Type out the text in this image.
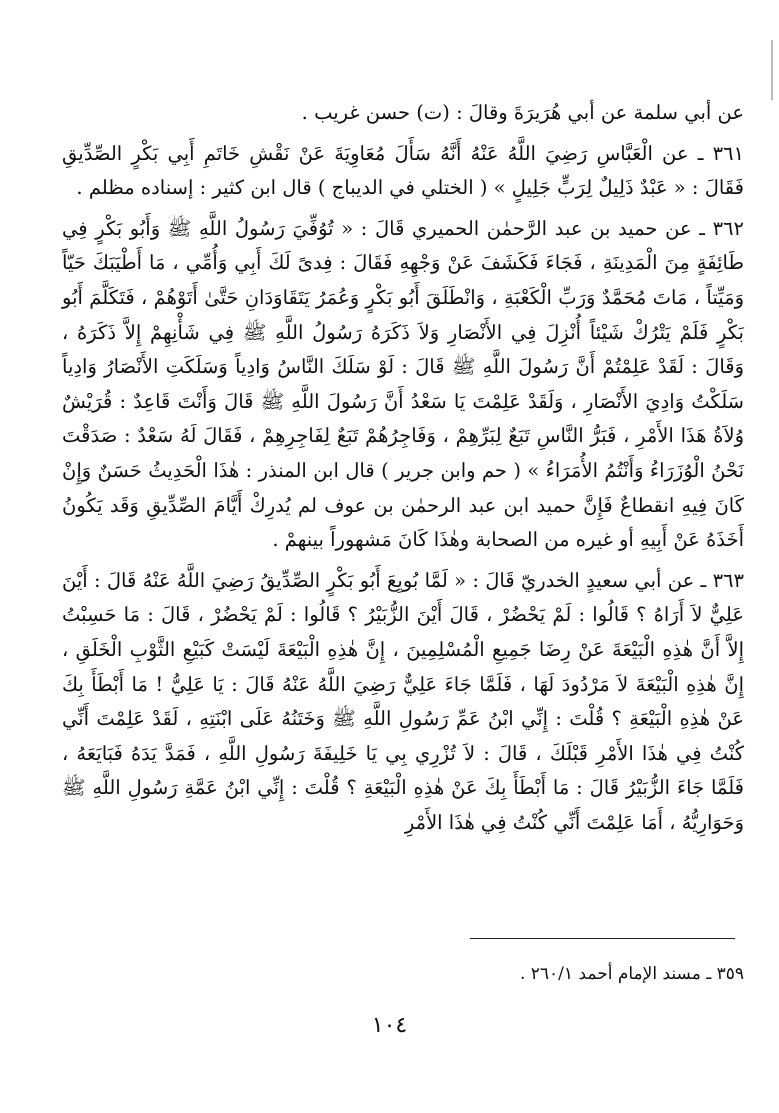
عن أبي سلمة عن أبي هُرَيرَةَ وقالَ : (ت) حسن غريب .

٣٦١ ـ عن الْعَبَّاسِ رَضِيَ اللَّهُ عَنْهُ أَنَّهُ سَأَلَ مُعَاوِيَةَ عَنْ نَقْشِ خَاتَمِ أَبِي بَكْرٍ الصِّدِّيقِ فَقَالَ : « عَبْدٌ ذَلِيلٌ لِرَبٍّ جَلِيلٍ » ( الختلي في الديباج ) قال ابن كثير : إسناده مظلم .

٣٦٢ ـ عن حميد بن عبد الرَّحمٰن الحميري قَالَ : « تُوُفِّيَ رَسُولُ اللَّهِ ﷺ وَأَبُو بَكْرٍ فِي طَائِفَةٍ مِنَ الْمَدِينَةِ ، فَجَاءَ فَكَشَفَ عَنْ وَجْهِهِ فَقَالَ : فِدىً لَكَ أَبِي وَأُمِّي ، مَا أَطْيَبَكَ حَيّاً وَمَيِّتاً ، مَاتَ مُحَمَّدٌ وَرَبِّ الْكَعْبَةِ ، وَانْطَلَقَ أَبُو بَكْرٍ وَعُمَرُ يَتَقَاوَدَانِ حَتَّىٰ أَتَوْهُمْ ، فَتَكَلَّمَ أَبُو بَكْرٍ فَلَمْ يَتْرُكْ شَيْئاً أُنْزِلَ فِي الأَنْصَارِ وَلاَ ذَكَرَهُ رَسُولُ اللَّهِ ﷺ فِي شَأْنِهِمْ إِلاَّ ذَكَرَهُ ، وَقَالَ : لَقَدْ عَلِمْتُمْ أَنَّ رَسُولَ اللَّهِ ﷺ قَالَ : لَوْ سَلَكَ النَّاسُ وَادِياً وَسَلَكَتِ الأَنْصَارُ وَادِياً سَلَكْتُ وَادِيَ الأَنْصَارِ ، وَلَقَدْ عَلِمْتَ يَا سَعْدُ أَنَّ رَسُولَ اللَّهِ ﷺ قَالَ وَأَنْتَ قَاعِدٌ : قُرَيْشٌ وُلاَةُ هَذَا الأَمْرِ ، فَبَرُّ النَّاسِ تَبَعٌ لِبَرِّهِمْ ، وَفَاجِرُهُمْ تَبَعٌ لِفَاجِرِهِمْ ، فَقَالَ لَهُ سَعْدٌ : صَدَقْتَ نَحْنُ الْوُزَرَاءُ وَأَنْتُمُ الأُمَرَاءُ » ( حم وابن جرير ) قال ابن المنذر : هٰذَا الْحَدِيثُ حَسَنٌ وَإِنْ كَانَ فِيهِ انقطاعٌ فَإِنَّ حميد ابن عبد الرحمٰن بن عوف لم يُدرِكْ أَيَّامَ الصِّدِّيقِ وَقَد يَكُونُ أَخَذَهُ عَنْ أَبِيهِ أو غيره من الصحابة وهٰذَا كَانَ مَشهوراً بينهمْ .

٣٦٣ ـ عن أبي سعيدٍ الخدريّ قَالَ : « لَمَّا بُويِعَ أَبُو بَكْرٍ الصِّدِّيقُ رَضِيَ اللَّهُ عَنْهُ قَالَ : أَيْنَ عَلِيٌّ لاَ أَرَاهُ ؟ قَالُوا : لَمْ يَحْضُرْ ، قَالَ أَيْنَ الزُّبَيْرُ ؟ قَالُوا : لَمْ يَحْضُرْ ، قَالَ : مَا حَسِبْتُ إِلاَّ أَنَّ هٰذِهِ الْبَيْعَةَ عَنْ رِضَا جَمِيعِ الْمُسْلِمِينَ ، إِنَّ هٰذِهِ الْبَيْعَةَ لَيْسَتْ كَبَيْعِ الثَّوْبِ الْخَلَقِ ، إِنَّ هٰذِهِ الْبَيْعَةَ لاَ مَرْدُودَ لَهَا ، فَلَمَّا جَاءَ عَلِيٌّ رَضِيَ اللَّهُ عَنْهُ قَالَ : يَا عَلِيُّ ! مَا أَبْطَأَ بِكَ عَنْ هٰذِهِ الْبَيْعَةِ ؟ قُلْتَ : إِنِّي ابْنُ عَمِّ رَسُولِ اللَّهِ ﷺ وَخَتَنُهُ عَلَى ابْنَتِهِ ، لَقَدْ عَلِمْتَ أَنِّي كُنْتُ فِي هٰذَا الأَمْرِ قَبْلَكَ ، قَالَ : لاَ تُزْرِي بِي يَا خَلِيفَةَ رَسُولِ اللَّهِ ، فَمَدَّ يَدَهُ فَبَايَعَهُ ، فَلَمَّا جَاءَ الزُّبَيْرُ قَالَ : مَا أَبْطَأَ بِكَ عَنْ هٰذِهِ الْبَيْعَةِ ؟ قُلْتَ : إِنِّي ابْنُ عَمَّةِ رَسُولِ اللَّهِ ﷺ وَحَوَارِيُّهُ ، أَمَا عَلِمْتَ أَنِّي كُنْتُ فِي هٰذَا الأَمْرِ

٣٥٩ ـ مسند الإمام أحمد ٢٦٠/١ .
١٠٤
